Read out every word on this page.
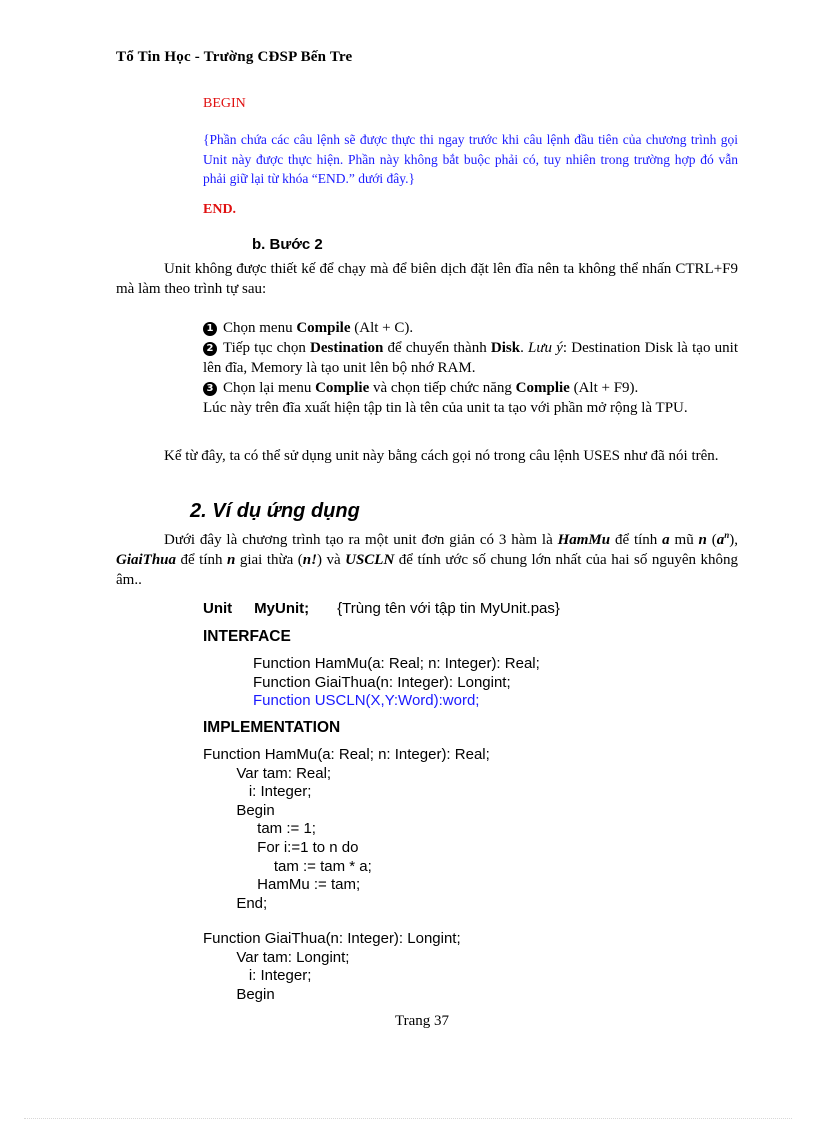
Tổ Tin Học - Trường CĐSP Bến Tre
BEGIN
{Phần chứa các câu lệnh sẽ được thực thi ngay trước khi câu lệnh đầu tiên của chương trình gọi Unit này được thực hiện. Phần này không bắt buộc phải có, tuy nhiên trong trường hợp đó vẫn phải giữ lại từ khóa “END.” dưới đây.}
END.
b. Bước 2
Unit không được thiết kế để chạy mà để biên dịch đặt lên đĩa nên ta không thể nhấn CTRL+F9 mà làm theo trình tự sau:
1 Chọn menu Compile (Alt + C).
2 Tiếp tục chọn Destination để chuyển thành Disk. Lưu ý: Destination Disk là tạo unit lên đĩa, Memory là tạo unit lên bộ nhớ RAM.
3 Chọn lại menu Complie và chọn tiếp chức năng Complie (Alt + F9).
Lúc này trên đĩa xuất hiện tập tin là tên của unit ta tạo với phần mở rộng là TPU.
Kể từ đây, ta có thể sử dụng unit này bằng cách gọi nó trong câu lệnh USES như đã nói trên.
2. Ví dụ ứng dụng
Dưới đây là chương trình tạo ra một unit đơn giản có 3 hàm là HamMu để tính a mũ n $(a^n)$, GiaiThua để tính n giai thừa (n!) và USCLN để tính ước số chung lớn nhất của hai số nguyên không âm..
Unit MyUnit; {Trùng tên với tập tin MyUnit.pas}
INTERFACE
Function HamMu(a: Real; n: Integer): Real;
Function GiaiThua(n: Integer): Longint;
Function USCLN(X,Y:Word):word;
IMPLEMENTATION
Function HamMu(a: Real; n: Integer): Real;
Var tam: Real;
i: Integer;
Begin
tam := 1;
For i:=1 to n do
tam := tam * a;
HamMu := tam;
End;
Function GiaiThua(n: Integer): Longint;
Var tam: Longint;
i: Integer;
Begin
Trang 37
